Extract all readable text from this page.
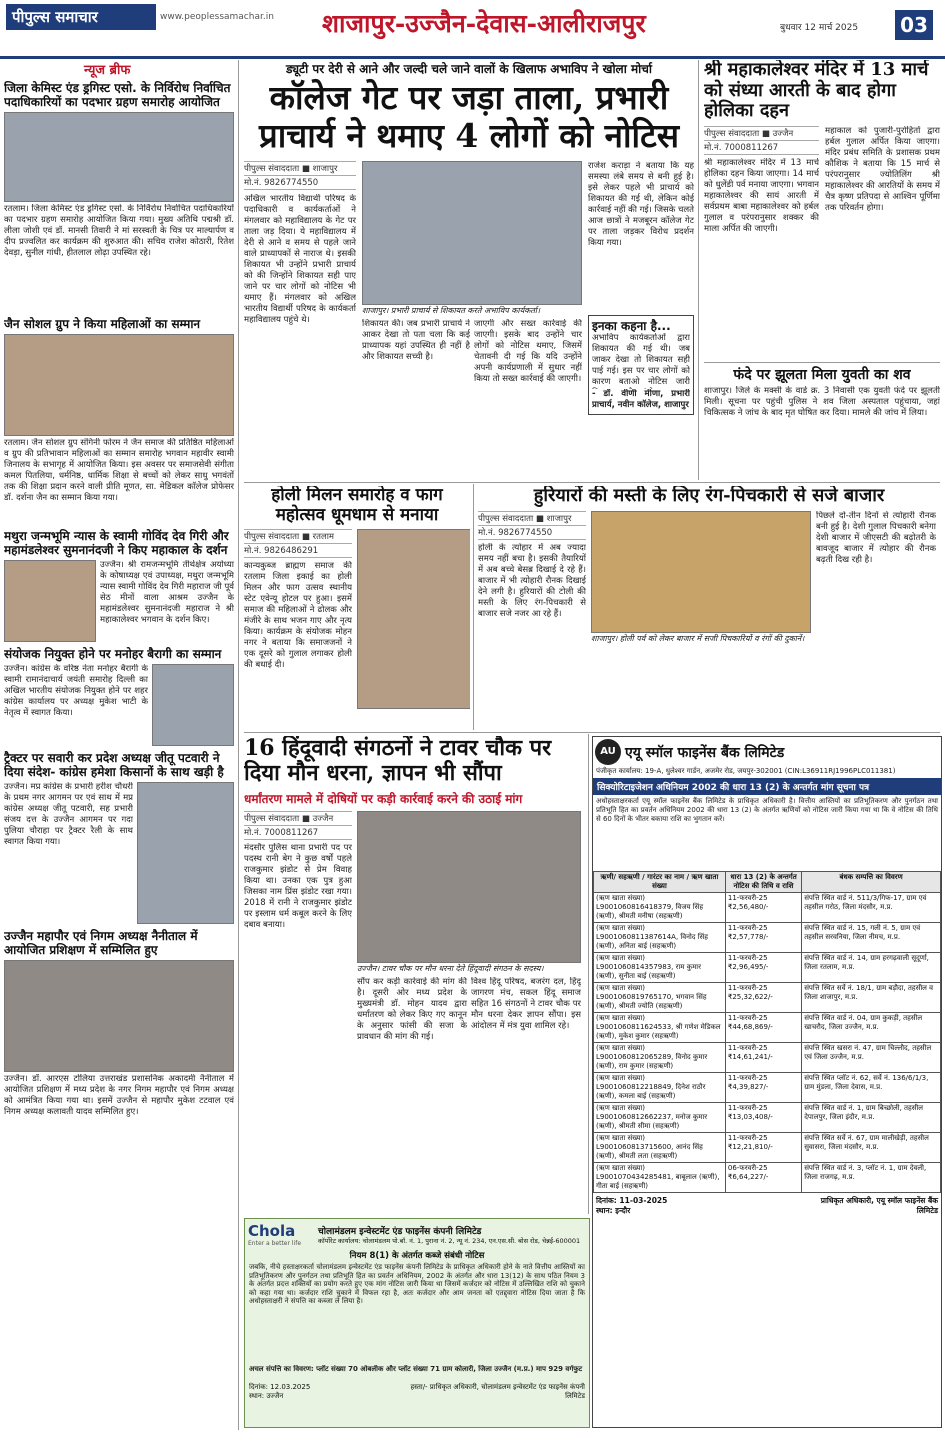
पीपुल्स समाचार	www.peoplessamachar.in शाजापुर-उज्जैन-देवास-आलीराजपुर	बुधवार 12 मार्च 2025 03
न्यूज ब्रीफ
जिला केमिस्ट एंड ड्रगिस्ट एसो. के निर्विरोध निर्वाचित पदाधिकारियों का पदभार ग्रहण समारोह आयोजित
रतलाम। जिला केमिस्ट एंड ड्रगिस्ट एसो. के निर्विरोध निर्वाचित पदाधिकारियों का पदभार ग्रहण समारोह आयोजित किया गया। मुख्य अतिथि पद्मश्री डॉ. लीला जोशी एवं डॉ. मानसी तिवारी ने मां सरस्वती के चित्र पर माल्यार्पण व दीप प्रज्वलित कर कार्यक्रम की शुरुआत की। सचिव राजेश कोठारी, रितेश देवड़ा, सुनील गांधी, हीतलाल लोढ़ा उपस्थित रहे।
जैन सोशल ग्रुप ने किया महिलाओं का सम्मान
रतलाम। जैन सोशल ग्रुप संगिनी फोरम ने जैन समाज की प्रतिष्ठित महिलाओं व ग्रुप की प्रतिभावान महिलाओं का सम्मान समारोह भगवान महावीर स्वामी जिनालय के सभागृह में आयोजित किया। इस अवसर पर समाजसेवी संगीता कमल पितलिया, धर्मनिष्ठ, धार्मिक शिक्षा से बच्चों को लेकर साधु भगवंतों तक की शिक्षा प्रदान करने वाली प्रीति मूणत, सा. मेडिकल कॉलेज प्रोफेसर डॉ. दर्शना जैन का सम्मान किया गया।
मथुरा जन्मभूमि न्यास के स्वामी गोविंद देव गिरी और महामंडलेश्वर सुमनानंदजी ने किए महाकाल के दर्शन
उज्जैन। श्री रामजन्मभूमि तीर्थक्षेत्र अयोध्या के कोषाध्यक्ष एवं उपाध्यक्ष, मथुरा जन्मभूमि न्यास स्वामी गोविंद देव गिरी महाराज जी पूर्व सेठ मीनों वाला आश्रम उज्जैन के महामंडलेश्वर सुमनानंदजी महाराज ने श्री महाकालेश्वर भगवान के दर्शन किए।
संयोजक नियुक्त होने पर मनोहर बैरागी का सम्मान
उज्जैन। कांग्रेस के वरिष्ठ नेता मनोहर बैरागी के स्वामी रामानंदाचार्य जयंती समारोह दिल्ली का अखिल भारतीय संयोजक नियुक्त होने पर शहर कांग्रेस कार्यालय पर अध्यक्ष मुकेश भाटी के नेतृत्व में स्वागत किया।
ट्रैक्टर पर सवारी कर प्रदेश अध्यक्ष जीतू पटवारी ने दिया संदेश- कांग्रेस हमेशा किसानों के साथ खड़ी है
उज्जैन। मप्र कांग्रेस के प्रभारी हरीश चौधरी के प्रथम नगर आगमन पर एवं साथ में मप्र कांग्रेस अध्यक्ष जीतू पटवारी, सह प्रभारी संजय दत्त के उज्जैन आगमन पर गदा पुलिया चौराहा पर ट्रैक्टर रैली के साथ स्वागत किया गया।
उज्जैन महापौर एवं निगम अध्यक्ष नैनीताल में आयोजित प्रशिक्षण में सम्मिलित हुए
उज्जैन। डॉ. आरएस टोलिया उत्तराखंड प्रशासनिक अकादमी नैनीताल में आयोजित प्रशिक्षण में मध्य प्रदेश के नगर निगम महापौर एवं निगम अध्यक्ष को आमंत्रित किया गया था। इसमें उज्जैन से महापौर मुकेश टटवाल एवं निगम अध्यक्ष कलावती यादव सम्मिलित हुए।
ड्यूटी पर देरी से आने और जल्दी चले जाने वालों के खिलाफ अभाविप ने खोला मोर्चा
कॉलेज गेट पर जड़ा ताला, प्रभारी प्राचार्य ने थमाए 4 लोगों को नोटिस
पीपुल्स संवाददाता ■ शाजापुर
मो.नं. 9826774550
अखिल भारतीय विद्यार्थी परिषद के पदाधिकारी व कार्यकर्ताओं ने मंगलवार को महाविद्यालय के गेट पर ताला जड़ दिया। ये महाविद्यालय में देरी से आने व समय से पहले जाने वाले प्राध्यापकों से नाराज थे। इसकी शिकायत भी उन्होंने प्रभारी प्राचार्य को की जिन्होंने शिकायत सही पाए जाने पर चार लोगों को नोटिस भी थमाए हैं। मंगलवार को अखिल भारतीय विद्यार्थी परिषद के कार्यकर्ता महाविद्यालय पहुंचे थे।
शाजापुर। प्रभारी प्राचार्य से शिकायत करते अभाविप कार्यकर्ता।
शिकायत की। जब प्रभारी प्राचार्य ने आकर देखा तो पता चला कि कई प्राध्यापक यहां उपस्थित ही नहीं है और शिकायत सच्ची है।
जाएगी और सख्त कार्रवाई की जाएगी। इसके बाद उन्होंने चार लोगों को नोटिस थमाए, जिसमें चेतावनी दी गई कि यदि उन्होंने अपनी कार्यप्रणाली में सुधार नहीं किया तो सख्त कार्रवाई की जाएगी।
राजेश कराड़ा ने बताया कि यह समस्या लंबे समय से बनी हुई है। इसे लेकर पहले भी प्राचार्य को शिकायत की गई थी, लेकिन कोई कार्रवाई नहीं की गई। जिसके चलते आज छात्रों ने मजबूरन कॉलेज गेट पर ताला जड़कर विरोध प्रदर्शन किया गया।
इनका कहना है...
अभाविप कार्यकर्ताओं द्वारा शिकायत की गई थी। जब जाकर देखा तो शिकायत सही पाई गई। इस पर चार लोगों को कारण बताओ नोटिस जारी
- डॉ. वीणी मीणा, प्रभारी प्राचार्य, नवीन कॉलेज, शाजापुर
श्री महाकालेश्वर मंदिर में 13 मार्च को संध्या आरती के बाद होगा होलिका दहन
पीपुल्स संवाददाता ■ उज्जैन
मो.नं. 7000811267
श्री महाकालेश्वर मंदिर में 13 मार्च होलिका दहन किया जाएगा। 14 मार्च को धुलेंडी पर्व मनाया जाएगा। भगवान महाकालेश्वर की सायं आरती में सर्वप्रथम बाबा महाकालेश्वर को हर्बल गुलाल व परंपरानुसार शक्कर की माला अर्पित की जाएगी।
महाकाल को पुजारी-पुरोहितों द्वारा हर्बल गुलाल अर्पित किया जाएगा। मंदिर प्रबंध समिति के प्रशासक प्रथम कौशिक ने बताया कि 15 मार्च से परंपरानुसार ज्योतिलिंग श्री महाकालेश्वर की आरतियों के समय में चैत्र कृष्ण प्रतिपदा से आश्विन पूर्णिमा तक परिवर्तन होगा।
फंदे पर झूलता मिला युवती का शव
शाजापुर। जिले के मक्सी के वार्ड क्र. 3 निवासी एक युवती फंदे पर झूलती मिली। सूचना पर पहुंची पुलिस ने शव जिला अस्पताल पहुंचाया, जहां चिकित्सक ने जांच के बाद मृत घोषित कर दिया। मामले की जांच में लिया।
होली मिलन समारोह व फाग महोत्सव धूमधाम से मनाया
पीपुल्स संवाददाता ■ रतलाम
मो.नं. 9826486291
कान्यकुब्ज ब्राह्मण समाज की रतलाम जिला इकाई का होली मिलन और फाग उत्सव स्थानीय स्टेट एवेन्यू होटल पर हुआ। इसमें समाज की महिलाओं ने ढोलक और मंजीरे के साथ भजन गाए और नृत्य किया। कार्यक्रम के संयोजक मोहन नगर ने बताया कि समाजजनों ने एक दूसरे को गुलाल लगाकर होली की बधाई दी।
हुरियारों की मस्ती के लिए रंग-पिचकारी से सजे बाजार
पीपुल्स संवाददाता ■ शाजापुर
मो.नं. 9826774550
होली के त्योहार में अब ज्यादा समय नहीं बचा है। इसकी तैयारियों में अब बच्चे बेसब्र दिखाई दे रहे हैं। बाजार में भी त्योहारी रौनक दिखाई देने लगी है। हुरियारों की टोली की मस्ती के लिए रंग-पिचकारी से बाजार सजे नजर आ रहे हैं।
शाजापुर। होली पर्व को लेकर बाजार में सजी पिचकारियों व रंगों की दुकानें।
पिछले दो-तीन दिनों से त्योहारी रौनक बनी हुई है। देशी गुलाल पिचकारी बनेगा देशी बाजार में जीएसटी की बढ़ोतरी के बावजूद बाजार में त्योहार की रौनक बढ़ती दिख रही है।
16 हिंदूवादी संगठनों ने टावर चौक पर दिया मौन धरना, ज्ञापन भी सौंपा
धर्मांतरण मामले में दोषियों पर कड़ी कार्रवाई करने की उठाई मांग
पीपुल्स संवाददाता ■ उज्जैन
मो.नं. 7000811267
मंदसौर पुलिस थाना प्रभारी पद पर पदस्थ रानी बेग ने कुछ वर्षों पहले राजकुमार झंडोट से प्रेम विवाह किया था। उनका एक पुत्र हुआ जिसका नाम प्रिंस झंडोट रखा गया। 2018 में रानी ने राजकुमार झंडोट पर इस्लाम धर्म कबूल करने के लिए दबाव बनाया।
उज्जैन। टावर चौक पर मौन धरना देते हिंदूवादी संगठन के सदस्य।
सौंप कर कड़ी कार्रवाई की मांग की है। दूसरी ओर मध्य प्रदेश के मुख्यमंत्री डॉ. मोहन यादव द्वारा धर्मांतरण को लेकर किए गए कानून के अनुसार फांसी की सजा के प्रावधान की मांग की गई।
विश्व हिंदू परिषद, बजरंग दल, हिंदू जागरण मंच, सकल हिंदू समाज सहित 16 संगठनों ने टावर चौक पर मौन धरना देकर ज्ञापन सौंपा। इस आंदोलन में मंत्र युवा शामिल रहे।
AU एयू स्मॉल फाइनेंस बैंक लिमिटेड
पंजीकृत कार्यालय: 19-A, धुलेश्वर गार्डन, अजमेर रोड, जयपुर-302001 (CIN:L36911RJ1996PLC011381)
सिक्योरिटाइजेशन अधिनियम 2002 की धारा 13 (2) के अन्तर्गत मांग सूचना पत्र
अधोहस्ताक्षरकर्ता एयू स्मॉल फाइनेंस बैंक लिमिटेड के प्राधिकृत अधिकारी है। वित्तीय आस्तियों का प्रतिभूतिकरण और पुनर्गठन तथा प्रतिभूति हित का प्रवर्तन अधिनियम 2002 की धारा 13 (2) के अंतर्गत ऋणियों को नोटिस जारी किया गया था कि वे नोटिस की तिथि से 60 दिनों के भीतर बकाया राशि का भुगतान करें।
ऋणी/ सहऋणी / गारंटर का नाम / ऋण खाता संख्या	धारा 13 (2) के अन्तर्गत नोटिस की तिथि व राशि	बंधक सम्पत्ति का विवरण
(ऋण खाता संख्या) L9001060816418379, विजय सिंह (ऋणी), श्रीमती मनीषा (सहऋणी)	11-फरवरी-25 ₹2,56,480/-	संपत्ति स्थित वार्ड नं. 511/3/गिफ-17, ग्राम एवं तहसील गरोठ, जिला मंदसौर, म.प्र.
(ऋण खाता संख्या) L9001060811387614A, विनोद सिंह (ऋणी), अनिता बाई (सहऋणी)	11-फरवरी-25 ₹2,57,778/-	संपत्ति स्थित वार्ड नं. 15, गली नं. 5, ग्राम एवं तहसील सरवनिया, जिला नीमच, म.प्र.
(ऋण खाता संख्या) L9001060814357983, राम कुमार (ऋणी), सुनीता बाई (सहऋणी)	11-फरवरी-25 ₹2,96,495/-	संपत्ति स्थित वार्ड नं. 14, ग्राम हरगढ़वाली सूदूर्णा, जिला रतलाम, म.प्र.
(ऋण खाता संख्या) L9001060819765170, भगवान सिंह (ऋणी), श्रीमती ज्योति (सहऋणी)	11-फरवरी-25 ₹25,32,622/-	संपत्ति स्थित सर्वे नं. 18/1, ग्राम बड़ौदा, तहसील व जिला शाजापुर, म.प्र.
(ऋण खाता संख्या) L9001060811624533, श्री गणेश मेडिकल (ऋणी), मुकेश कुमार (सहऋणी)	11-फरवरी-25 ₹44,68,869/-	संपत्ति स्थित वार्ड नं. 04, ग्राम कुकड़ी, तहसील खाचरौद, जिला उज्जैन, म.प्र.
(ऋण खाता संख्या) L9001060812065289, विनोद कुमार (ऋणी), राम कुमार (सहऋणी)	11-फरवरी-25 ₹14,61,241/-	संपत्ति स्थित खसरा नं. 47, ग्राम चिल्लौद, तहसील एवं जिला उज्जैन, म.प्र.
(ऋण खाता संख्या) L9001060812218849, दिनेश राठौर (ऋणी), कमला बाई (सहऋणी)	11-फरवरी-25 ₹4,39,827/-	संपत्ति स्थित प्लॉट नं. 62, सर्वे नं. 136/6/1/3, ग्राम मुंडला, जिला देवास, म.प्र.
(ऋण खाता संख्या) L9001060812662237, मनोज कुमार (ऋणी), श्रीमती सीमा (सहऋणी)	11-फरवरी-25 ₹13,03,408/-	संपत्ति स्थित वार्ड नं. 1, ग्राम बिच्छोली, तहसील देपालपुर, जिला इंदौर, म.प्र.
(ऋण खाता संख्या) L9001060813715600, आनंद सिंह (ऋणी), श्रीमती लता (सहऋणी)	11-फरवरी-25 ₹12,21,810/-	संपत्ति स्थित सर्वे नं. 67, ग्राम मालीखेड़ी, तहसील सुवासरा, जिला मंदसौर, म.प्र.
(ऋण खाता संख्या) L9001070434285481, बाबूलाल (ऋणी), गीता बाई (सहऋणी)	06-फरवरी-25 ₹6,64,227/-	संपत्ति स्थित वार्ड नं. 3, प्लॉट नं. 1, ग्राम देवली, जिला राजगढ़, म.प्र.
दिनांक: 11-03-2025
स्थान: इन्दौर
प्राधिकृत अधिकारी, एयू स्मॉल फाइनेंस बैंक लिमिटेड
Chola
Enter a better life
चोलामंडलम इन्वेस्टमेंट एंड फाइनेंस कंपनी लिमिटेड
कॉर्पोरेट कार्यालय: चोलामंडलम पो.बॉ. नं. 1, पुराना नं. 2, न्यू नं. 234, एन.एस.सी. बोस रोड, चेन्नई-600001
नियम 8(1) के अंतर्गत कब्जे संबंधी नोटिस
जबकि, नीचे हस्ताक्षरकर्ता चोलामंडलम इन्वेस्टमेंट एंड फाइनेंस कंपनी लिमिटेड के प्राधिकृत अधिकारी होने के नाते वित्तीय आस्तियों का प्रतिभूतिकरण और पुनर्गठन तथा प्रतिभूति हित का प्रवर्तन अधिनियम, 2002 के अंतर्गत और धारा 13(12) के साथ पठित नियम 3 के अंतर्गत प्रदत्त शक्तियों का प्रयोग करते हुए एक मांग नोटिस जारी किया था जिसमें कर्जदार को नोटिस में उल्लिखित राशि को चुकाने को कहा गया था। कर्जदार राशि चुकाने में विफल रहा है, अतः कर्जदार और आम जनता को एतद्द्वारा नोटिस दिया जाता है कि अधोहस्ताक्षरी ने संपत्ति का कब्जा ले लिया है।
अचल संपत्ति का विवरण: प्लॉट संख्या 70 ओबलीक और प्लॉट संख्या 71 ग्राम कोलारी, जिला उज्जैन (म.प्र.) माप 929 वर्गफुट
दिनांक: 12.03.2025
स्थान: उज्जैन
हस्ता/- प्राधिकृत अधिकारी, चोलामंडलम इन्वेस्टमेंट एंड फाइनेंस कंपनी लिमिटेड
